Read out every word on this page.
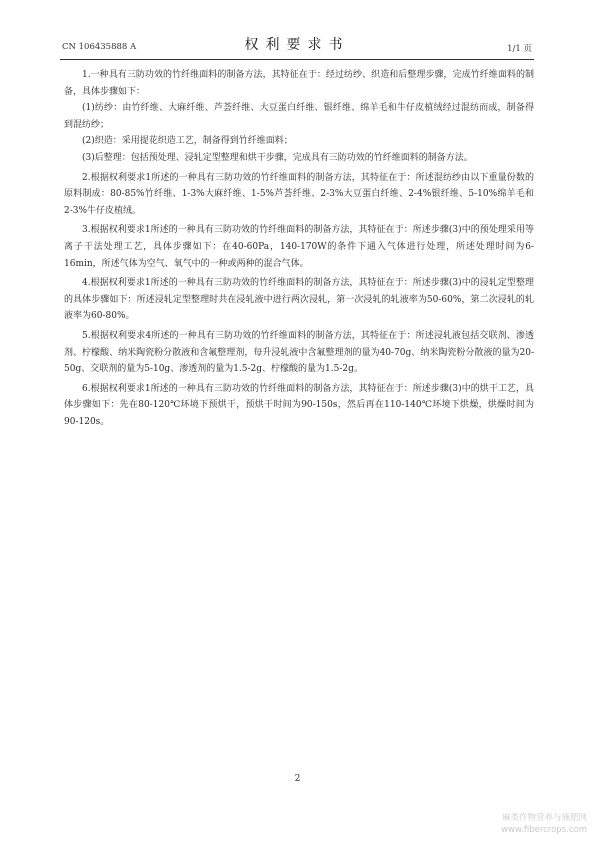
CN 106435888 A	权利要求书	1/1 页

1.一种具有三防功效的竹纤维面料的制备方法，其特征在于：经过纺纱、织造和后整理步骤，完成竹纤维面料的制备，具体步骤如下：

(1)纺纱：由竹纤维、大麻纤维、芦荟纤维、大豆蛋白纤维、银纤维、绵羊毛和牛仔皮植绒经过混纺而成，制备得到混纺纱；

(2)织造：采用提花织造工艺，制备得到竹纤维面料；

(3)后整理：包括预处理、浸轧定型整理和烘干步骤，完成具有三防功效的竹纤维面料的制备方法。

2.根据权利要求1所述的一种具有三防功效的竹纤维面料的制备方法，其特征在于：所述混纺纱由以下重量份数的原料制成：80-85%竹纤维、1-3%大麻纤维、1-5%芦荟纤维、2-3%大豆蛋白纤维、2-4%银纤维、5-10%绵羊毛和2-3%牛仔皮植绒。

3.根据权利要求1所述的一种具有三防功效的竹纤维面料的制备方法，其特征在于：所述步骤(3)中的预处理采用等离子干法处理工艺，具体步骤如下：在40-60Pa，140-170W的条件下通入气体进行处理，所述处理时间为6-16min，所述气体为空气、氧气中的一种或两种的混合气体。

4.根据权利要求1所述的一种具有三防功效的竹纤维面料的制备方法，其特征在于：所述步骤(3)中的浸轧定型整理的具体步骤如下：所述浸轧定型整理时共在浸轧液中进行两次浸轧，第一次浸轧的轧液率为50-60%，第二次浸轧的轧液率为60-80%。

5.根据权利要求4所述的一种具有三防功效的竹纤维面料的制备方法，其特征在于：所述浸轧液包括交联剂、渗透剂、柠檬酸、纳米陶瓷粉分散液和含氟整理剂，每升浸轧液中含氟整理剂的量为40-70g、纳米陶瓷粉分散液的量为20-50g、交联剂的量为5-10g、渗透剂的量为1.5-2g、柠檬酸的量为1.5-2g。

6.根据权利要求1所述的一种具有三防功效的竹纤维面料的制备方法，其特征在于：所述步骤(3)中的烘干工艺，具体步骤如下：先在80-120℃环境下预烘干，预烘干时间为90-150s，然后再在110-140℃环境下烘燥，烘燥时间为90-120s。

2
麻类作物营养与施肥网
www.fibercrops.com
